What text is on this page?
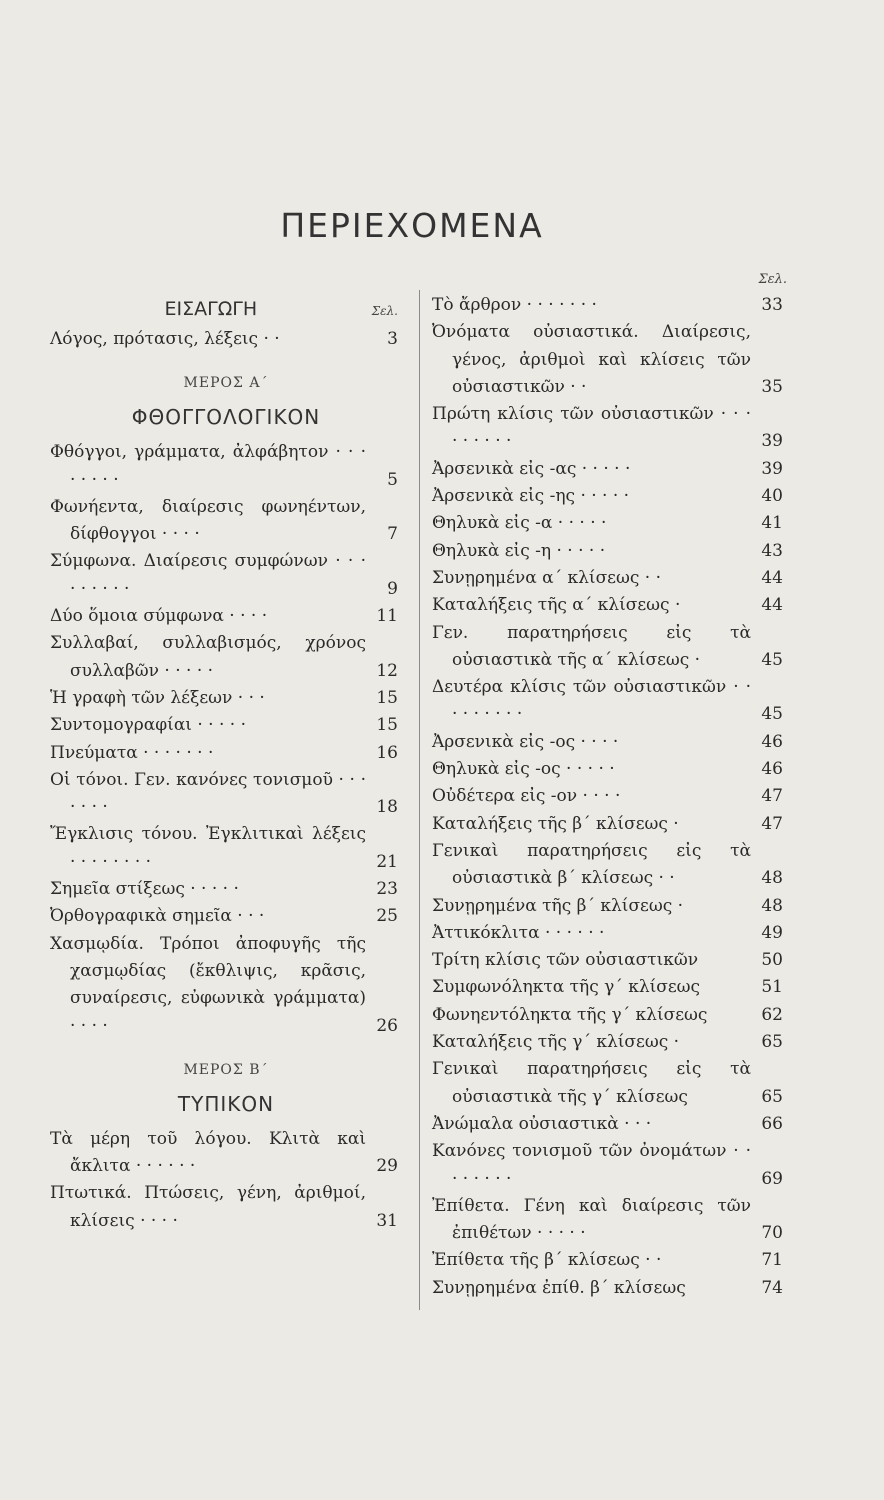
ΠΕΡΙΕΧΟΜΕΝΑ
ΕΙΣΑΓΩΓΗ	Σελ.
Λόγος, πρότασις, λέξεις · ·	3
ΜΕΡΟΣ Α΄
ΦΘΟΓΓΟΛΟΓΙΚΟΝ
Φθόγγοι, γράμματα, ἀλφάβητον · · · · · · · ·	5
Φωνήεντα, διαίρεσις φωνηέντων, δίφθογγοι · · · ·	7
Σύμφωνα. Διαίρεσις συμφώνων · · · · · · · · ·	9
Δύο ὅμοια σύμφωνα · · · ·	11
Συλλαβαί, συλλαβισμός, χρόνος συλλαβῶν · · · · ·	12
Ἡ γραφὴ τῶν λέξεων · · ·	15
Συντομογραφίαι · · · · ·	15
Πνεύματα · · · · · · ·	16
Οἱ τόνοι. Γεν. κανόνες τονισμοῦ · · · · · · ·	18
Ἔγκλισις τόνου. Ἐγκλιτικαὶ λέξεις · · · · · · · ·	21
Σημεῖα στίξεως · · · · ·	23
Ὀρθογραφικὰ σημεῖα · · ·	25
Χασμῳδία. Τρόποι ἀποφυγῆς τῆς χασμῳδίας (ἔκθλιψις, κρᾶσις, συναίρεσις, εὐφωνικὰ γράμματα) · · · ·	26
ΜΕΡΟΣ Β΄
ΤΥΠΙΚΟΝ
Τὰ μέρη τοῦ λόγου. Κλιτὰ καὶ ἄκλιτα · · · · · ·	29
Πτωτικά. Πτώσεις, γένη, ἀριθμοί, κλίσεις · · · ·	31
Σελ.
Τὸ ἄρθρον · · · · · · ·	33
Ὀνόματα οὐσιαστικά. Διαίρεσις, γένος, ἀριθμοὶ καὶ κλίσεις τῶν οὐσιαστικῶν · ·	35
Πρώτη κλίσις τῶν οὐσιαστικῶν · · · · · · · · ·	39
Ἀρσενικὰ εἰς -ας · · · · ·	39
Ἀρσενικὰ εἰς -ης · · · · ·	40
Θηλυκὰ εἰς -α · · · · ·	41
Θηλυκὰ εἰς -η · · · · ·	43
Συνῃρημένα α΄ κλίσεως · ·	44
Καταλήξεις τῆς α΄ κλίσεως ·	44
Γεν. παρατηρήσεις εἰς τὰ οὐσιαστικὰ τῆς α΄ κλίσεως ·	45
Δευτέρα κλίσις τῶν οὐσιαστικῶν · · · · · · · · ·	45
Ἀρσενικὰ εἰς -ος · · · ·	46
Θηλυκὰ εἰς -ος · · · · ·	46
Οὐδέτερα εἰς -ον · · · ·	47
Καταλήξεις τῆς β΄ κλίσεως ·	47
Γενικαὶ παρατηρήσεις εἰς τὰ οὐσιαστικὰ β΄ κλίσεως · ·	48
Συνῃρημένα τῆς β΄ κλίσεως ·	48
Ἀττικόκλιτα · · · · · ·	49
Τρίτη κλίσις τῶν οὐσιαστικῶν	50
Συμφωνόληκτα τῆς γ΄ κλίσεως	51
Φωνηεντόληκτα τῆς γ΄ κλίσεως	62
Καταλήξεις τῆς γ΄ κλίσεως ·	65
Γενικαὶ παρατηρήσεις εἰς τὰ οὐσιαστικὰ τῆς γ΄ κλίσεως	65
Ἀνώμαλα οὐσιαστικὰ · · ·	66
Κανόνες τονισμοῦ τῶν ὀνομάτων · · · · · · · ·	69
Ἐπίθετα. Γένη καὶ διαίρεσις τῶν ἐπιθέτων · · · · ·	70
Ἐπίθετα τῆς β΄ κλίσεως · ·	71
Συνῃρημένα ἐπίθ. β΄ κλίσεως	74
